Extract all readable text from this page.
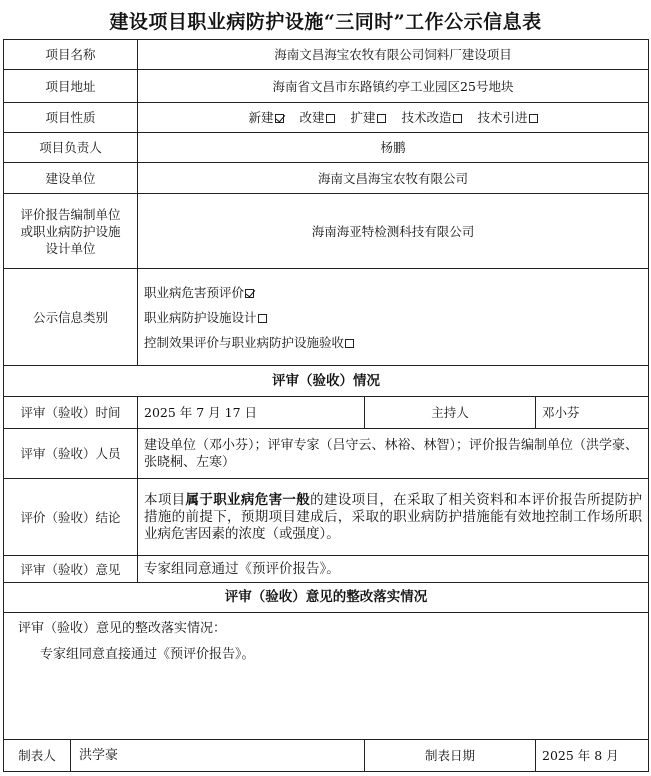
建设项目职业病防护设施“三同时”工作公示信息表
项目名称	海南文昌海宝农牧有限公司饲料厂建设项目		
项目地址	海南省文昌市东路镇约亭工业园区25号地块		
项目性质	新建 改建 扩建 技术改造 技术引进		
项目负责人	杨鹏		
建设单位	海南文昌海宝农牧有限公司		

评价报告编制单位
或职业病防护设施
设计单位	海南海亚特检测科技有限公司		
公示信息类别	职业病危害预评价
职业病防护设施设计
控制效果评价与职业病防护设施验收		

评审（验收）情况			
评审（验收）时间	2025 年 7 月 17 日	主持人	邓小芬
评审（验收）人员	建设单位（邓小芬）；评审专家（吕守云、林裕、林智）；评价报告编制单位（洪学豪、张晓桐、左寒）		
评价（验收）结论	本项目属于职业病危害一般的建设项目，在采取了相关资料和本评价报告所提防护措施的前提下，预期项目建成后，采取的职业病防护措施能有效地控制工作场所职业病危害因素的浓度（或强度）。		
评审（验收）意见	专家组同意通过《预评价报告》。		
评审（验收）意见的整改落实情况			

评审（验收）意见的整改落实情况：
专家组同意直接通过《预评价报告》。			

制表人 洪学豪		制表日期	2025 年 8 月
